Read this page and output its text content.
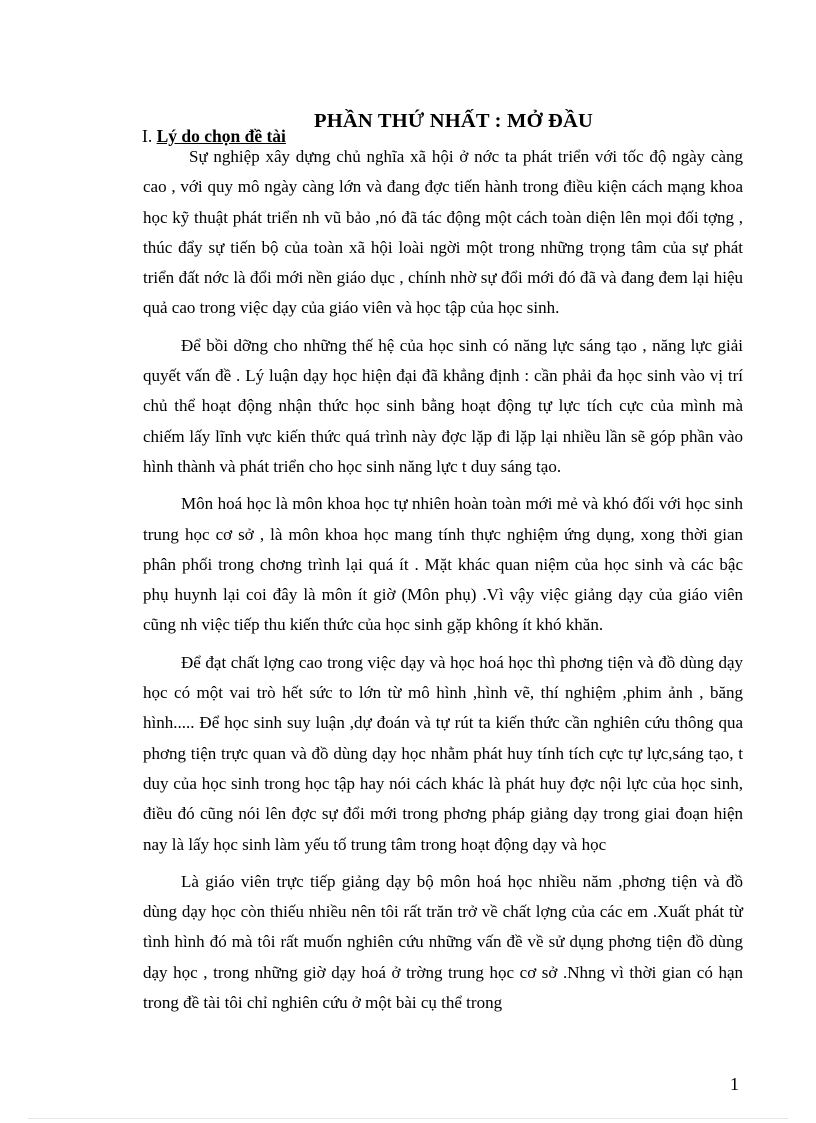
PHẦN THỨ NHẤT : MỞ ĐẦU
I. Lý do chọn đề tài

Sự nghiệp xây dựng chủ nghĩa xã hội ở nớc ta phát triển với tốc độ ngày càng cao , với quy mô ngày càng lớn và đang đợc tiến hành trong điều kiện cách mạng khoa học kỹ thuật phát triển nh vũ bảo ,nó đã tác động một cách toàn diện lên mọi đối tợng , thúc đẩy sự tiến bộ của toàn xã hội loài ngời một trong những trọng tâm của sự phát triển đất nớc là đổi mới nền giáo dục , chính nhờ sự đổi mới đó đã và đang đem lại hiệu quả cao trong việc dạy của giáo viên và học tập của học sinh.

Để bồi dỡng cho những thế hệ của học sinh có năng lực sáng tạo , năng lực giải quyết vấn đề . Lý luận dạy học hiện đại đã khẳng định : cần phải đa học sinh vào vị trí chủ thể hoạt động nhận thức học sinh bằng hoạt động tự lực tích cực của mình mà chiếm lấy lĩnh vực kiến thức quá trình này đợc lặp đi lặp lại nhiều lần sẽ góp phần vào hình thành và phát triển cho học sinh năng lực t duy sáng tạo.

Môn hoá học là môn khoa học tự nhiên hoàn toàn mới mẻ và khó đối với học sinh trung học cơ sở , là môn khoa học mang tính thực nghiệm ứng dụng, xong thời gian phân phối trong chơng trình lại quá ít . Mặt khác quan niệm của học sinh và các bậc phụ huynh lại coi đây là môn ít giờ (Môn phụ) .Vì vậy việc giảng dạy của giáo viên cũng nh việc tiếp thu kiến thức của học sinh gặp không ít khó khăn.

Để đạt chất lợng cao trong việc dạy và học hoá học thì phơng tiện và đồ dùng dạy học có một vai trò hết sức to lớn từ mô hình ,hình vẽ, thí nghiệm ,phim ảnh , băng hình..... Để học sinh suy luận ,dự đoán và tự rút ta kiến thức cần nghiên cứu thông qua phơng tiện trực quan và đồ dùng dạy học nhằm phát huy tính tích cực tự lực,sáng tạo, t duy của học sinh trong học tập hay nói cách khác là phát huy đợc nội lực của học sinh, điều đó cũng nói lên đợc sự đổi mới trong phơng pháp giảng dạy trong giai đoạn hiện nay là lấy học sinh làm yếu tố trung tâm trong hoạt động dạy và học

Là giáo viên trực tiếp giảng dạy bộ môn hoá học nhiều năm ,phơng tiện và đồ dùng dạy học còn thiếu nhiều nên tôi rất trăn trở về chất lợng của các em .Xuất phát từ tình hình đó mà tôi rất muốn nghiên cứu những vấn đề về sử dụng phơng tiện đồ dùng dạy học , trong những giờ dạy hoá ở trờng trung học cơ sở .Nhng vì thời gian có hạn trong đề tài tôi chỉ nghiên cứu ở một bài cụ thể trong

1
